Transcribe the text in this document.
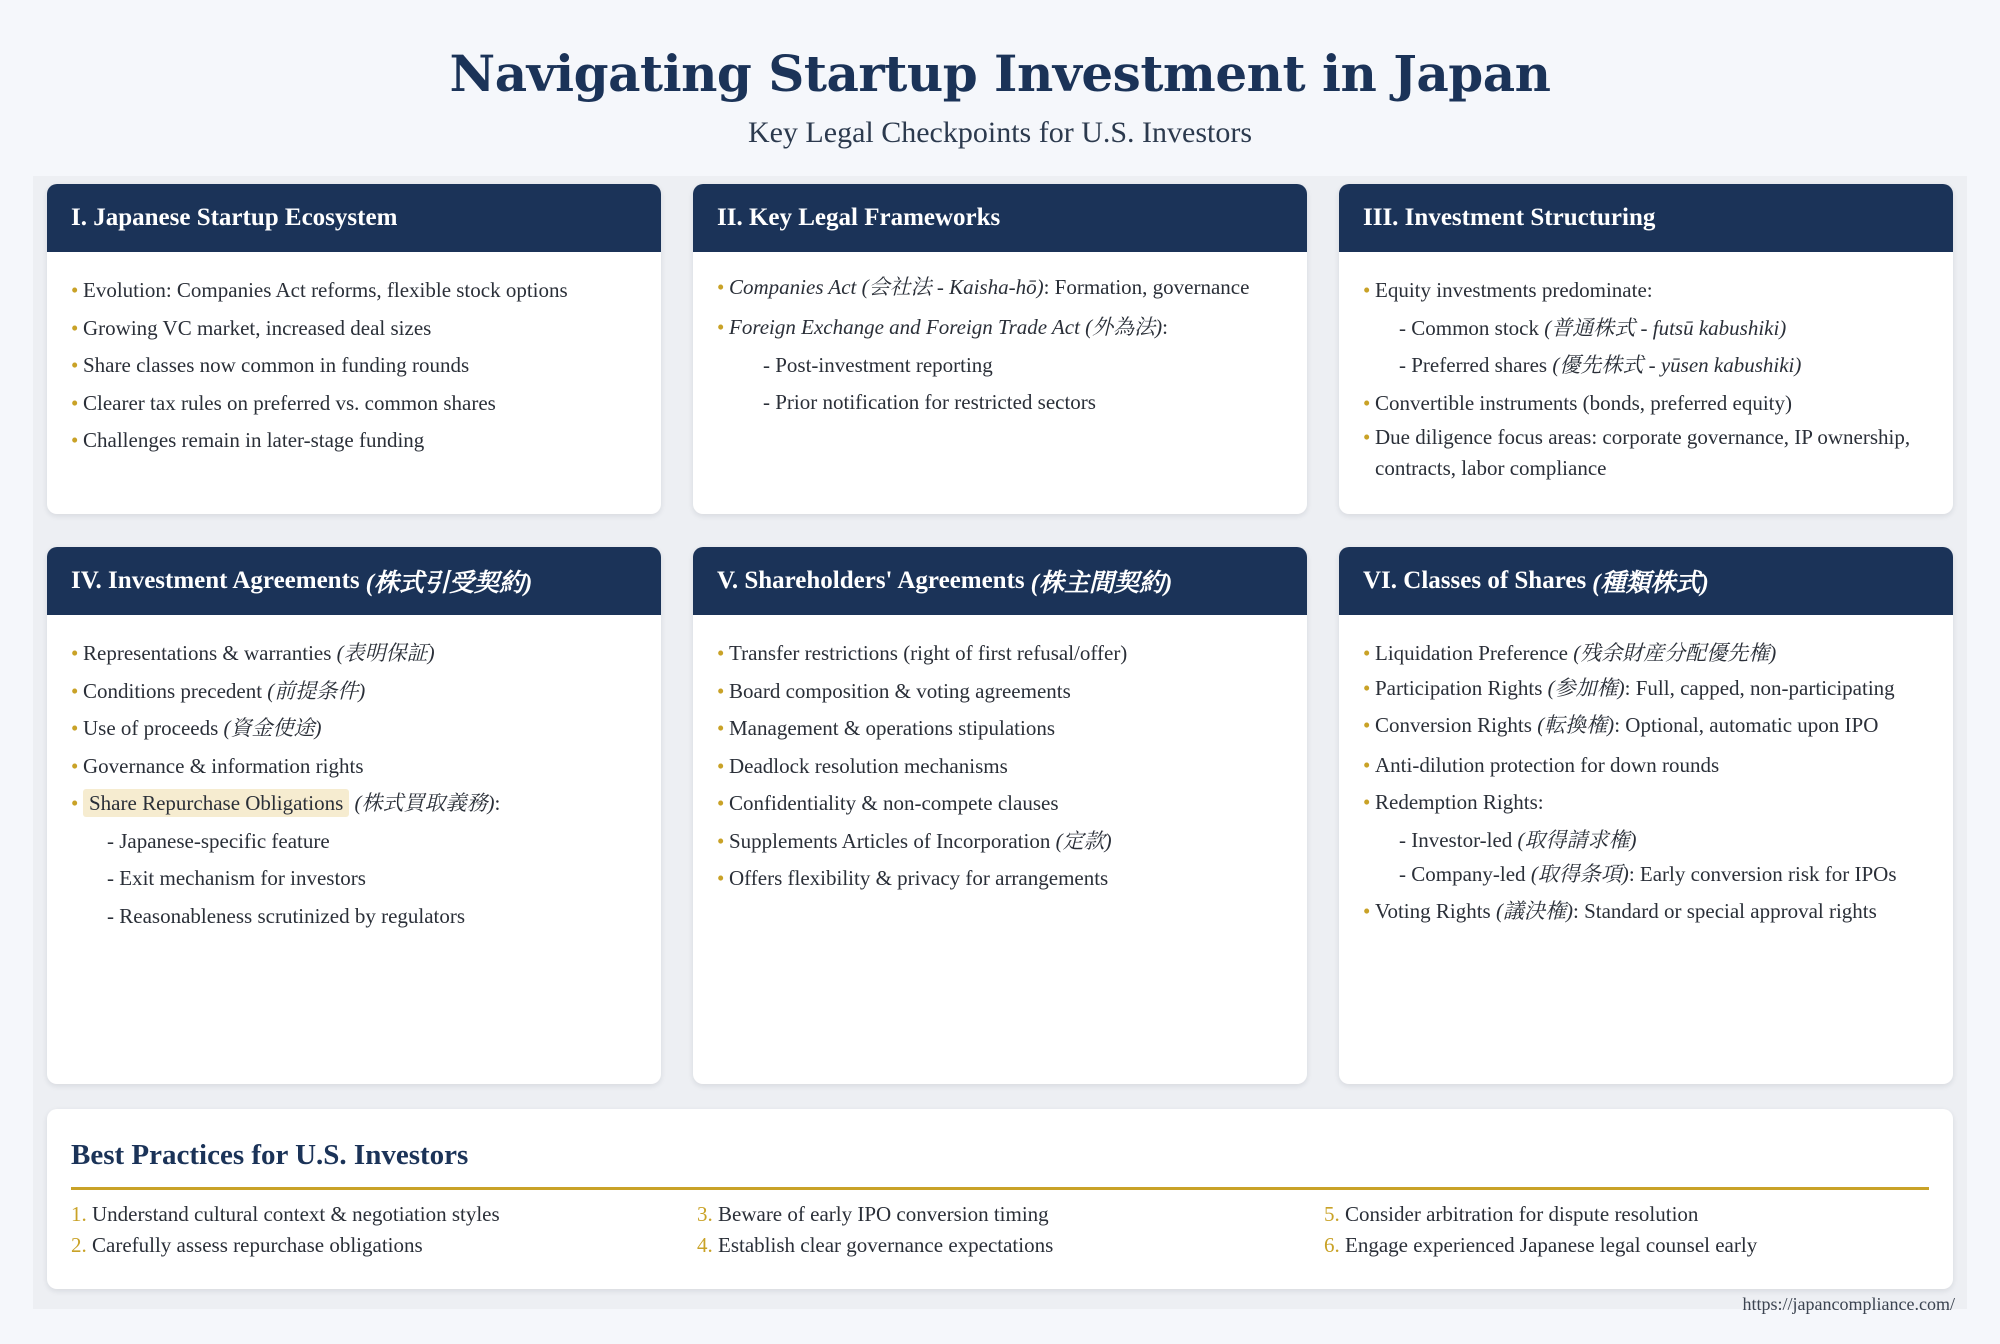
Navigating Startup Investment in Japan
Key Legal Checkpoints for U.S. Investors
I. Japanese Startup Ecosystem
• Evolution: Companies Act reforms, flexible stock options
• Growing VC market, increased deal sizes
• Share classes now common in funding rounds
• Clearer tax rules on preferred vs. common shares
• Challenges remain in later-stage funding
II. Key Legal Frameworks
• Companies Act (会社法 - Kaisha-hō): Formation, governance
• Foreign Exchange and Foreign Trade Act (外為法):
- Post-investment reporting
- Prior notification for restricted sectors
III. Investment Structuring
• Equity investments predominate:
- Common stock (普通株式 - futsū kabushiki)
- Preferred shares (優先株式 - yūsen kabushiki)
• Convertible instruments (bonds, preferred equity)
• Due diligence focus areas: corporate governance, IP ownership, contracts, labor compliance
IV. Investment Agreements (株式引受契約)
• Representations & warranties (表明保証)
• Conditions precedent (前提条件)
• Use of proceeds (資金使途)
• Governance & information rights
• Share Repurchase Obligations (株式買取義務):
- Japanese-specific feature
- Exit mechanism for investors
- Reasonableness scrutinized by regulators
V. Shareholders' Agreements (株主間契約)
• Transfer restrictions (right of first refusal/offer)
• Board composition & voting agreements
• Management & operations stipulations
• Deadlock resolution mechanisms
• Confidentiality & non-compete clauses
• Supplements Articles of Incorporation (定款)
• Offers flexibility & privacy for arrangements
VI. Classes of Shares (種類株式)
• Liquidation Preference (残余財産分配優先権)
• Participation Rights (参加権): Full, capped, non-participating
• Conversion Rights (転換権): Optional, automatic upon IPO
• Anti-dilution protection for down rounds
• Redemption Rights:
- Investor-led (取得請求権)
- Company-led (取得条項): Early conversion risk for IPOs
• Voting Rights (議決権): Standard or special approval rights
Best Practices for U.S. Investors
1. Understand cultural context & negotiation styles
2. Carefully assess repurchase obligations
3. Beware of early IPO conversion timing
4. Establish clear governance expectations
5. Consider arbitration for dispute resolution
6. Engage experienced Japanese legal counsel early
https://japancompliance.com/
